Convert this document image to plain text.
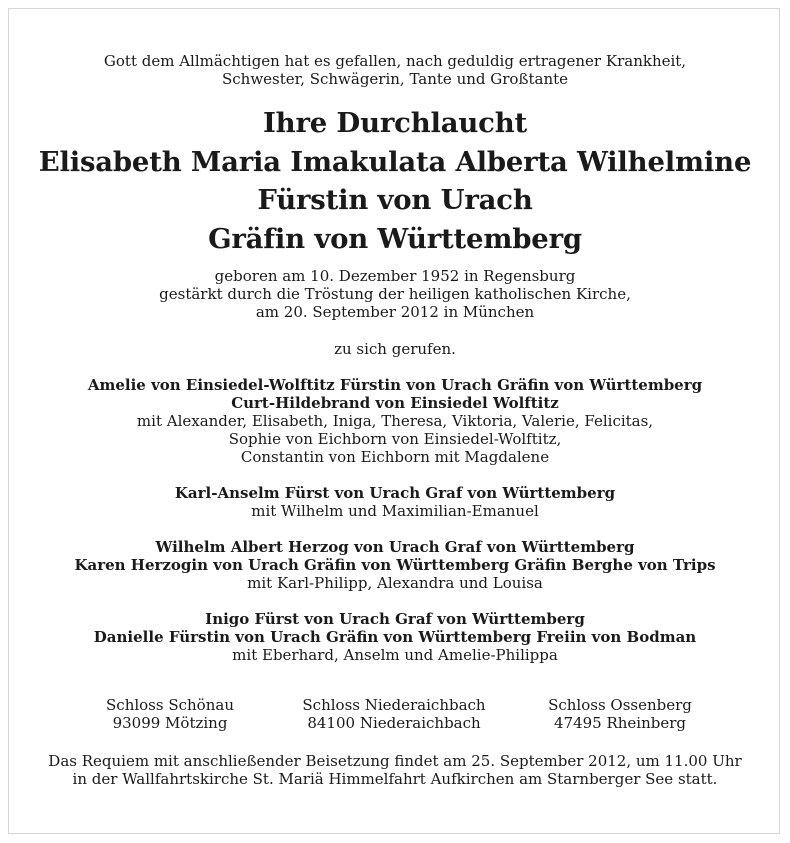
Gott dem Allmächtigen hat es gefallen, nach geduldig ertragener Krankheit,
Schwester, Schwägerin, Tante und Großtante
Ihre Durchlaucht
Elisabeth Maria Imakulata Alberta Wilhelmine
Fürstin von Urach
Gräfin von Württemberg
geboren am 10. Dezember 1952 in Regensburg
gestärkt durch die Tröstung der heiligen katholischen Kirche,
am 20. September 2012 in München
zu sich gerufen.
Amelie von Einsiedel-Wolftitz Fürstin von Urach Gräfin von Württemberg
Curt-Hildebrand von Einsiedel Wolftitz
mit Alexander, Elisabeth, Iniga, Theresa, Viktoria, Valerie, Felicitas,
Sophie von Eichborn von Einsiedel-Wolftitz,
Constantin von Eichborn mit Magdalene
Karl-Anselm Fürst von Urach Graf von Württemberg
mit Wilhelm und Maximilian-Emanuel
Wilhelm Albert Herzog von Urach Graf von Württemberg
Karen Herzogin von Urach Gräfin von Württemberg Gräfin Berghe von Trips
mit Karl-Philipp, Alexandra und Louisa
Inigo Fürst von Urach Graf von Württemberg
Danielle Fürstin von Urach Gräfin von Württemberg Freiin von Bodman
mit Eberhard, Anselm und Amelie-Philippa
Schloss Schönau
93099 Mötzing
Schloss Niederaichbach
84100 Niederaichbach
Schloss Ossenberg
47495 Rheinberg
Das Requiem mit anschließender Beisetzung findet am 25. September 2012, um 11.00 Uhr
in der Wallfahrtskirche St. Mariä Himmelfahrt Aufkirchen am Starnberger See statt.
